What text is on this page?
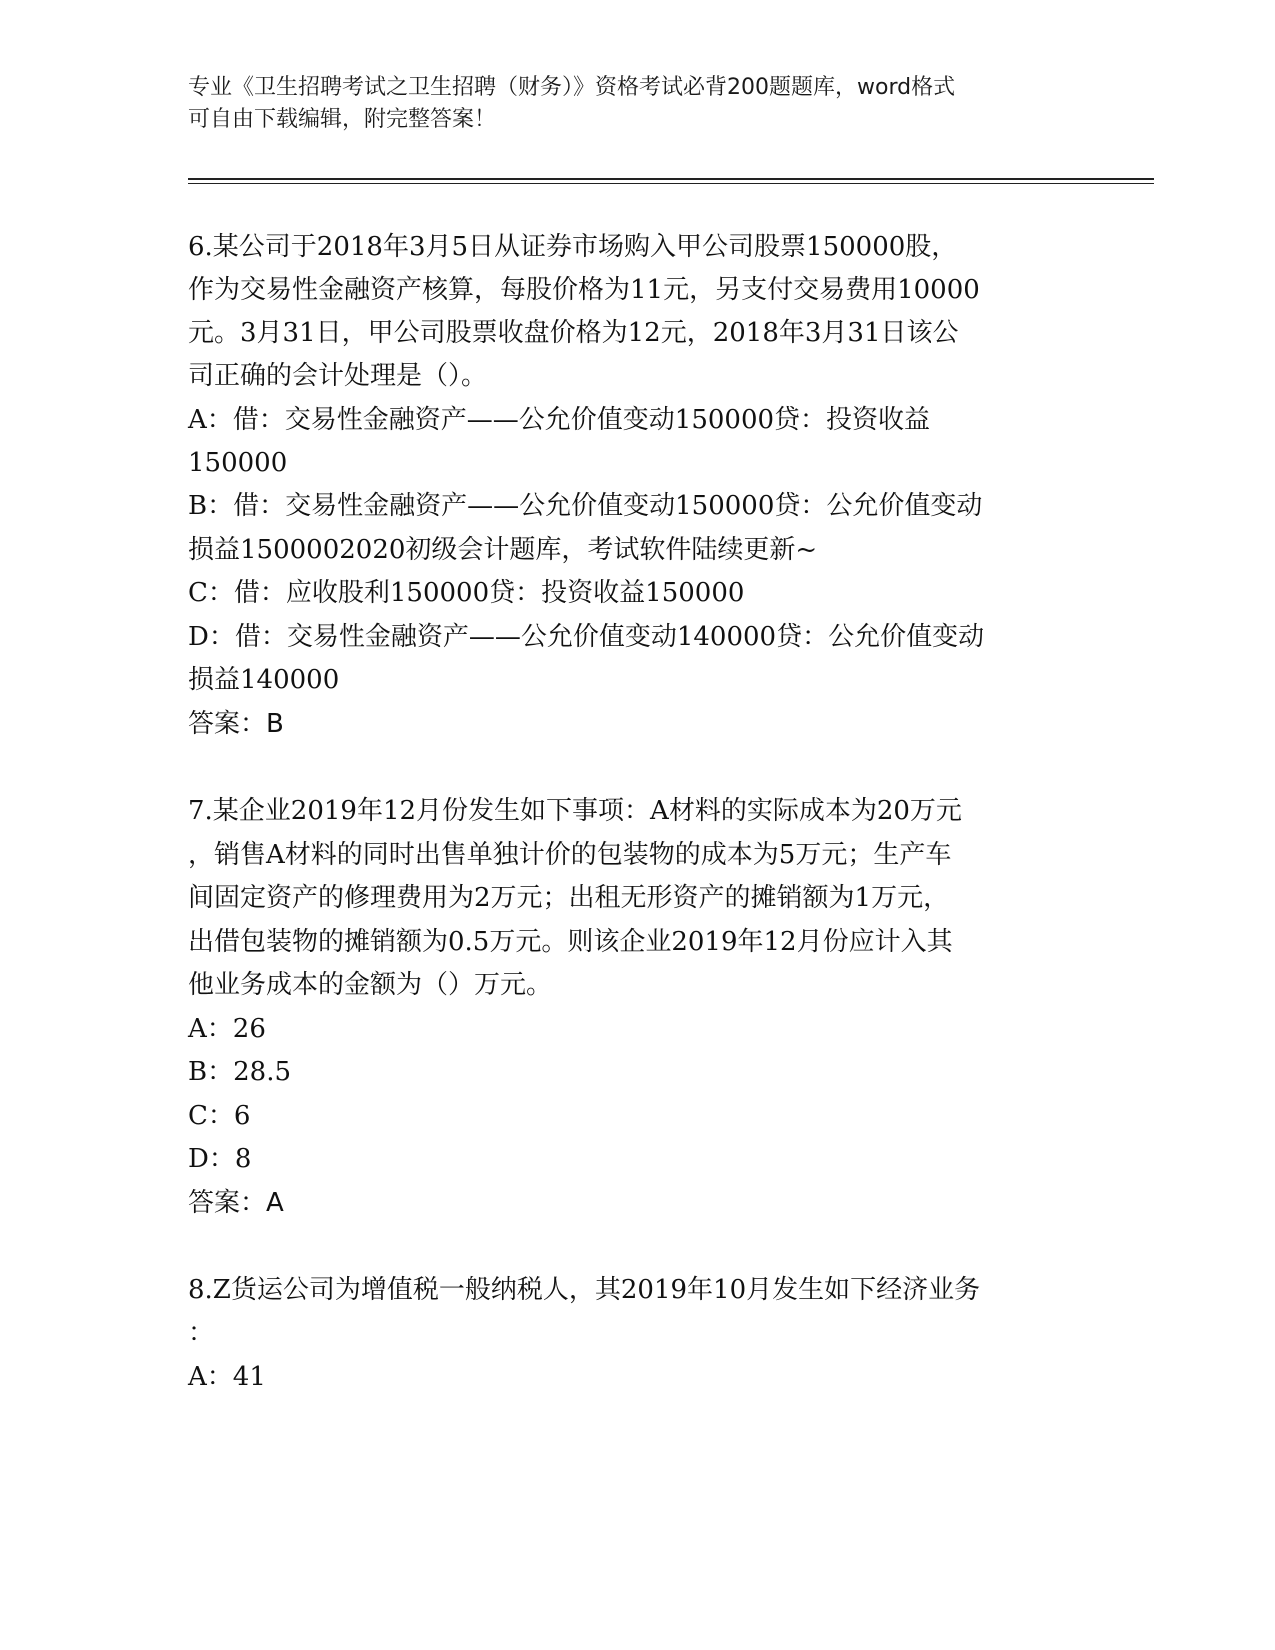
专业《卫生招聘考试之卫生招聘（财务）》资格考试必背200题题库，word格式
可自由下载编辑，附完整答案！
6.某公司于2018年3月5日从证券市场购入甲公司股票150000股，
作为交易性金融资产核算，每股价格为11元，另支付交易费用10000
元。3月31日，甲公司股票收盘价格为12元，2018年3月31日该公
司正确的会计处理是（）。
A：借：交易性金融资产——公允价值变动150000贷：投资收益
150000
B：借：交易性金融资产——公允价值变动150000贷：公允价值变动
损益1500002020初级会计题库，考试软件陆续更新~
C：借：应收股利150000贷：投资收益150000
D：借：交易性金融资产——公允价值变动140000贷：公允价值变动
损益140000
答案：B
7.某企业2019年12月份发生如下事项：A材料的实际成本为20万元
，销售A材料的同时出售单独计价的包装物的成本为5万元；生产车
间固定资产的修理费用为2万元；出租无形资产的摊销额为1万元，
出借包装物的摊销额为0.5万元。则该企业2019年12月份应计入其
他业务成本的金额为（）万元。
A：26
B：28.5
C：6
D：8
答案：A
8.Z货运公司为增值税一般纳税人，其2019年10月发生如下经济业务
：
A：41
